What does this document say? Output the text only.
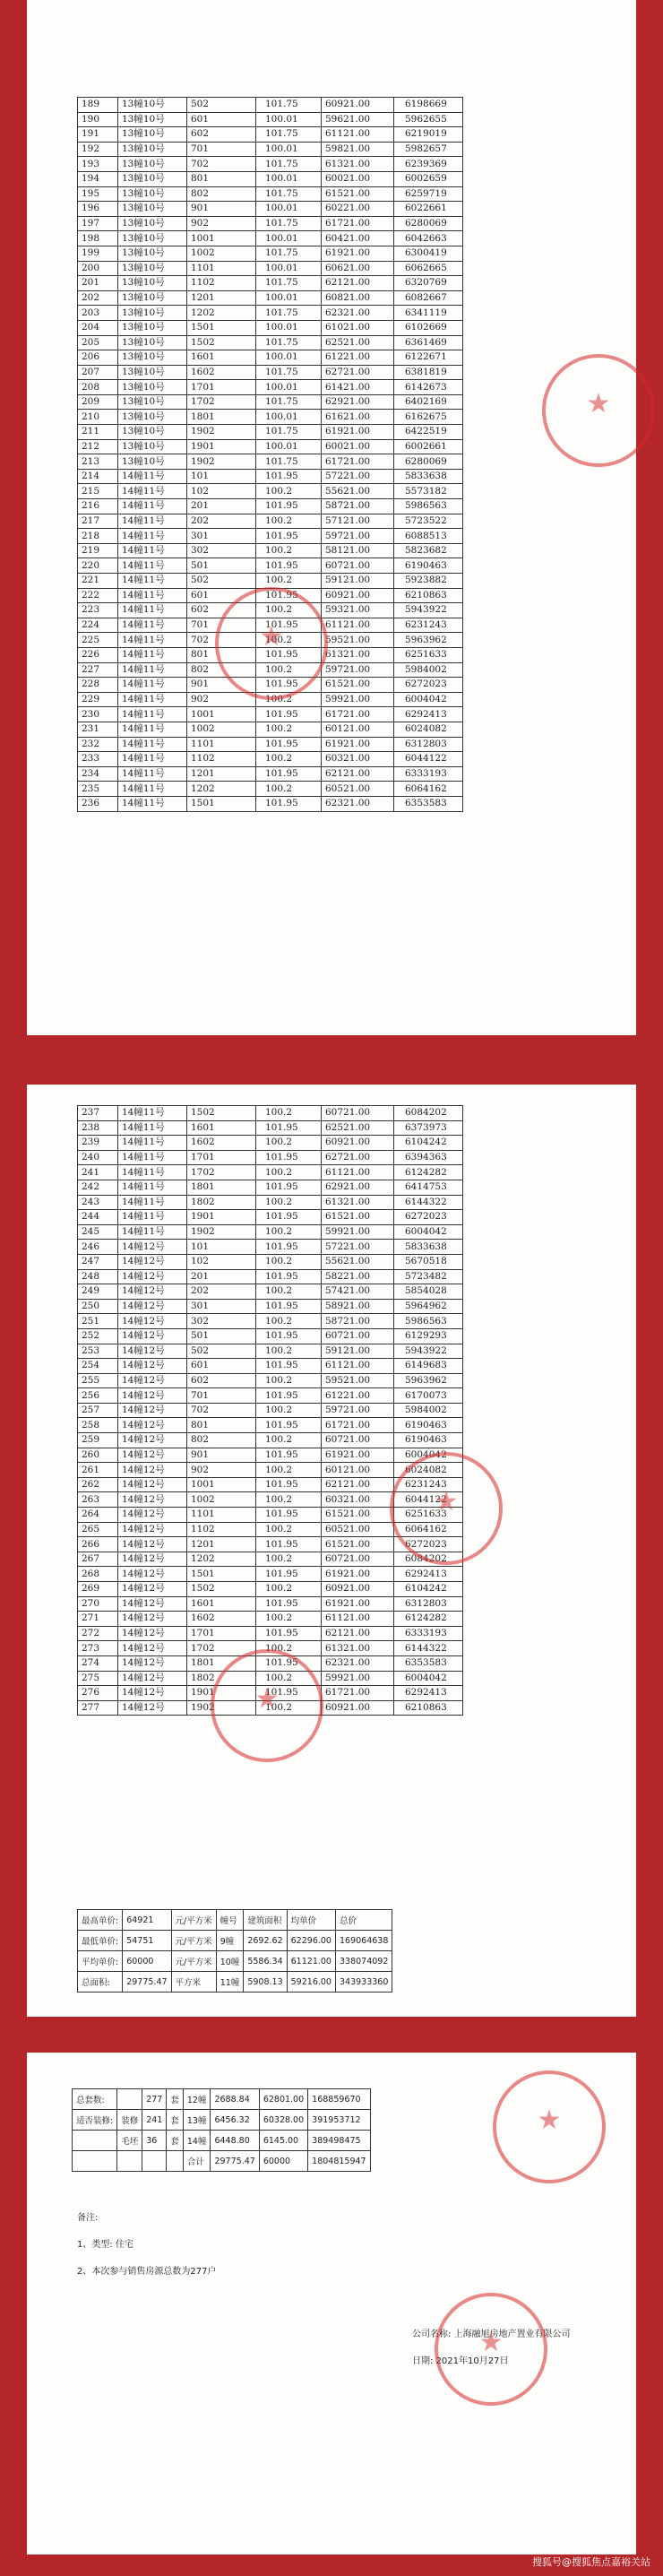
189	13幢10号	502	101.75	60921.00	6198669
190	13幢10号	601	100.01	59621.00	5962655
191	13幢10号	602	101.75	61121.00	6219019
192	13幢10号	701	100.01	59821.00	5982657
193	13幢10号	702	101.75	61321.00	6239369
194	13幢10号	801	100.01	60021.00	6002659
195	13幢10号	802	101.75	61521.00	6259719
196	13幢10号	901	100.01	60221.00	6022661
197	13幢10号	902	101.75	61721.00	6280069
198	13幢10号	1001	100.01	60421.00	6042663
199	13幢10号	1002	101.75	61921.00	6300419
200	13幢10号	1101	100.01	60621.00	6062665
201	13幢10号	1102	101.75	62121.00	6320769
202	13幢10号	1201	100.01	60821.00	6082667
203	13幢10号	1202	101.75	62321.00	6341119
204	13幢10号	1501	100.01	61021.00	6102669
205	13幢10号	1502	101.75	62521.00	6361469
206	13幢10号	1601	100.01	61221.00	6122671
207	13幢10号	1602	101.75	62721.00	6381819
208	13幢10号	1701	100.01	61421.00	6142673
209	13幢10号	1702	101.75	62921.00	6402169
210	13幢10号	1801	100.01	61621.00	6162675
211	13幢10号	1902	101.75	61921.00	6422519
212	13幢10号	1901	100.01	60021.00	6002661
213	13幢10号	1902	101.75	61721.00	6280069
214	14幢11号	101	101.95	57221.00	5833638
215	14幢11号	102	100.2	55621.00	5573182
216	14幢11号	201	101.95	58721.00	5986563
217	14幢11号	202	100.2	57121.00	5723522
218	14幢11号	301	101.95	59721.00	6088513
219	14幢11号	302	100.2	58121.00	5823682
220	14幢11号	501	101.95	60721.00	6190463
221	14幢11号	502	100.2	59121.00	5923882
222	14幢11号	601	101.95	60921.00	6210863
223	14幢11号	602	100.2	59321.00	5943922
224	14幢11号	701	101.95	61121.00	6231243
225	14幢11号	702	100.2	59521.00	5963962
226	14幢11号	801	101.95	61321.00	6251633
227	14幢11号	802	100.2	59721.00	5984002
228	14幢11号	901	101.95	61521.00	6272023
229	14幢11号	902	100.2	59921.00	6004042
230	14幢11号	1001	101.95	61721.00	6292413
231	14幢11号	1002	100.2	60121.00	6024082
232	14幢11号	1101	101.95	61921.00	6312803
233	14幢11号	1102	100.2	60321.00	6044122
234	14幢11号	1201	101.95	62121.00	6333193
235	14幢11号	1202	100.2	60521.00	6064162
236	14幢11号	1501	101.95	62321.00	6353583
★
★
237	14幢11号	1502	100.2	60721.00	6084202
238	14幢11号	1601	101.95	62521.00	6373973
239	14幢11号	1602	100.2	60921.00	6104242
240	14幢11号	1701	101.95	62721.00	6394363
241	14幢11号	1702	100.2	61121.00	6124282
242	14幢11号	1801	101.95	62921.00	6414753
243	14幢11号	1802	100.2	61321.00	6144322
244	14幢11号	1901	101.95	61521.00	6272023
245	14幢11号	1902	100.2	59921.00	6004042
246	14幢12号	101	101.95	57221.00	5833638
247	14幢12号	102	100.2	55621.00	5670518
248	14幢12号	201	101.95	58221.00	5723482
249	14幢12号	202	100.2	57421.00	5854028
250	14幢12号	301	101.95	58921.00	5964962
251	14幢12号	302	100.2	58721.00	5986563
252	14幢12号	501	101.95	60721.00	6129293
253	14幢12号	502	100.2	59121.00	5943922
254	14幢12号	601	101.95	61121.00	6149683
255	14幢12号	602	100.2	59521.00	5963962
256	14幢12号	701	101.95	61221.00	6170073
257	14幢12号	702	100.2	59721.00	5984002
258	14幢12号	801	101.95	61721.00	6190463
259	14幢12号	802	100.2	60721.00	6190463
260	14幢12号	901	101.95	61921.00	6004042
261	14幢12号	902	100.2	60121.00	6024082
262	14幢12号	1001	101.95	62121.00	6231243
263	14幢12号	1002	100.2	60321.00	6044122
264	14幢12号	1101	101.95	61521.00	6251633
265	14幢12号	1102	100.2	60521.00	6064162
266	14幢12号	1201	101.95	61521.00	6272023
267	14幢12号	1202	100.2	60721.00	6084202
268	14幢12号	1501	101.95	61921.00	6292413
269	14幢12号	1502	100.2	60921.00	6104242
270	14幢12号	1601	101.95	61921.00	6312803
271	14幢12号	1602	100.2	61121.00	6124282
272	14幢12号	1701	101.95	62121.00	6333193
273	14幢12号	1702	100.2	61321.00	6144322
274	14幢12号	1801	101.95	62321.00	6353583
275	14幢12号	1802	100.2	59921.00	6004042
276	14幢12号	1901	101.95	61721.00	6292413
277	14幢12号	1902	100.2	60921.00	6210863
★
★
最高单价:	64921	元/平方米	幢号	建筑面积	均单价	总价
最低单价:	54751	元/平方米	9幢	2692.62	62296.00	169064638
平均单价:	60000	元/平方米	10幢	5586.34	61121.00	338074092
总面积:	29775.47	平方米	11幢	5908.13	59216.00	343933360
总套数:		277	套	12幢	2688.84	62801.00	168859670
适否装修:	装修	241	套	13幢	6456.32	60328.00	391953712
	毛坯	36	套	14幢	6448.80	6145.00	389498475
				合计	29775.47	60000	1804815947
★
备注:
1、类型: 住宅
2、本次参与销售房源总数为277户
公司名称: 上海融旭房地产置业有限公司
日期: 2021年10月27日
★
搜狐号@搜狐焦点嘉裕关站
